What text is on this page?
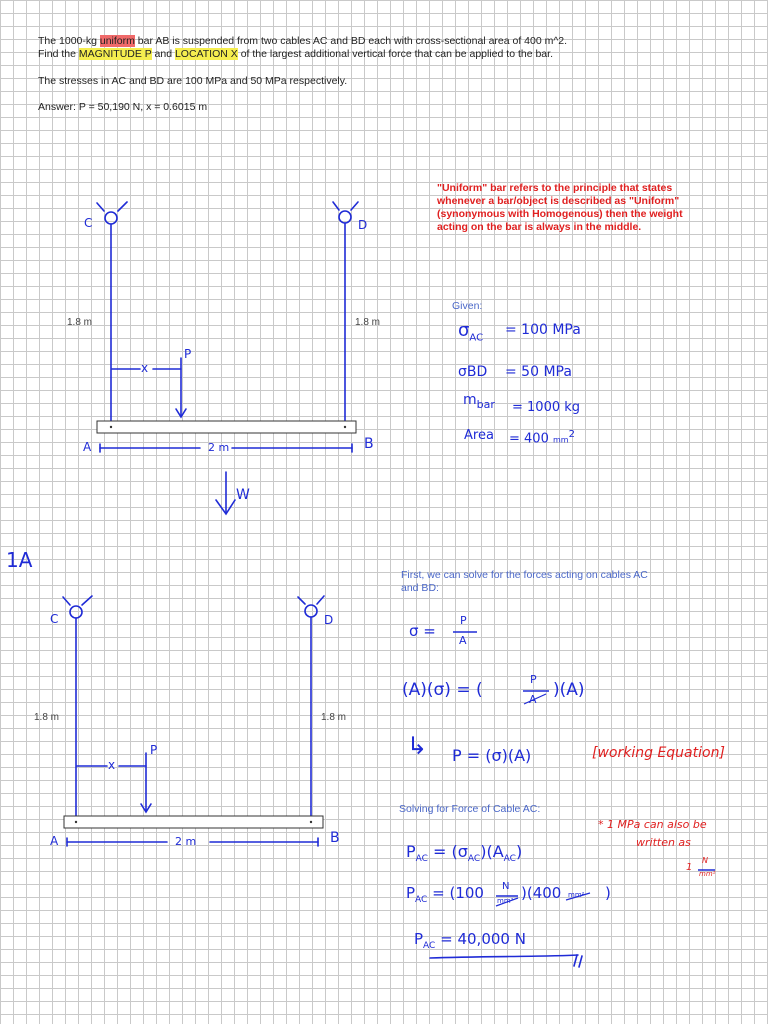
The 1000-kg uniform bar AB is suspended from two cables AC and BD each with cross-sectional area of 400 m^2.
Find the MAGNITUDE P and LOCATION X of the largest additional vertical force that can be applied to the bar.
The stresses in AC and BD are 100 MPa and 50 MPa respectively.
Answer: P = 50,190 N, x = 0.6015 m
"Uniform" bar refers to the principle that states whenever a bar/object is described as "Uniform" (synonymous with Homogenous) then the weight acting on the bar is always in the middle.
C	D
1.8 m	1.8 m
x
P
A	2 m	B
W
Given:
$\sigma_{AC}$
= 100 MPa
σBD = 50 MPa
$m_{bar} = 1000$ kg
Area = 400 $mm^2$
1A
C	D
1.8 m	1.8 m
x
P
A	2 m	B
First, we can solve for the forces acting on cables AC and BD:
σ =
P
A
(A)(σ) = (
P
A )(A)
↳ P = (σ)(A)	[working Equation]
Solving for Force of Cable AC:
* 1 MPa can also be
written as
1
N
mm²
$P_{AC} = (\sigma_{AC})(A_{AC})$
$P_{AC} = (100$ N
mm² )(400 mm² )
$P_{AC} = 40,000$ N
